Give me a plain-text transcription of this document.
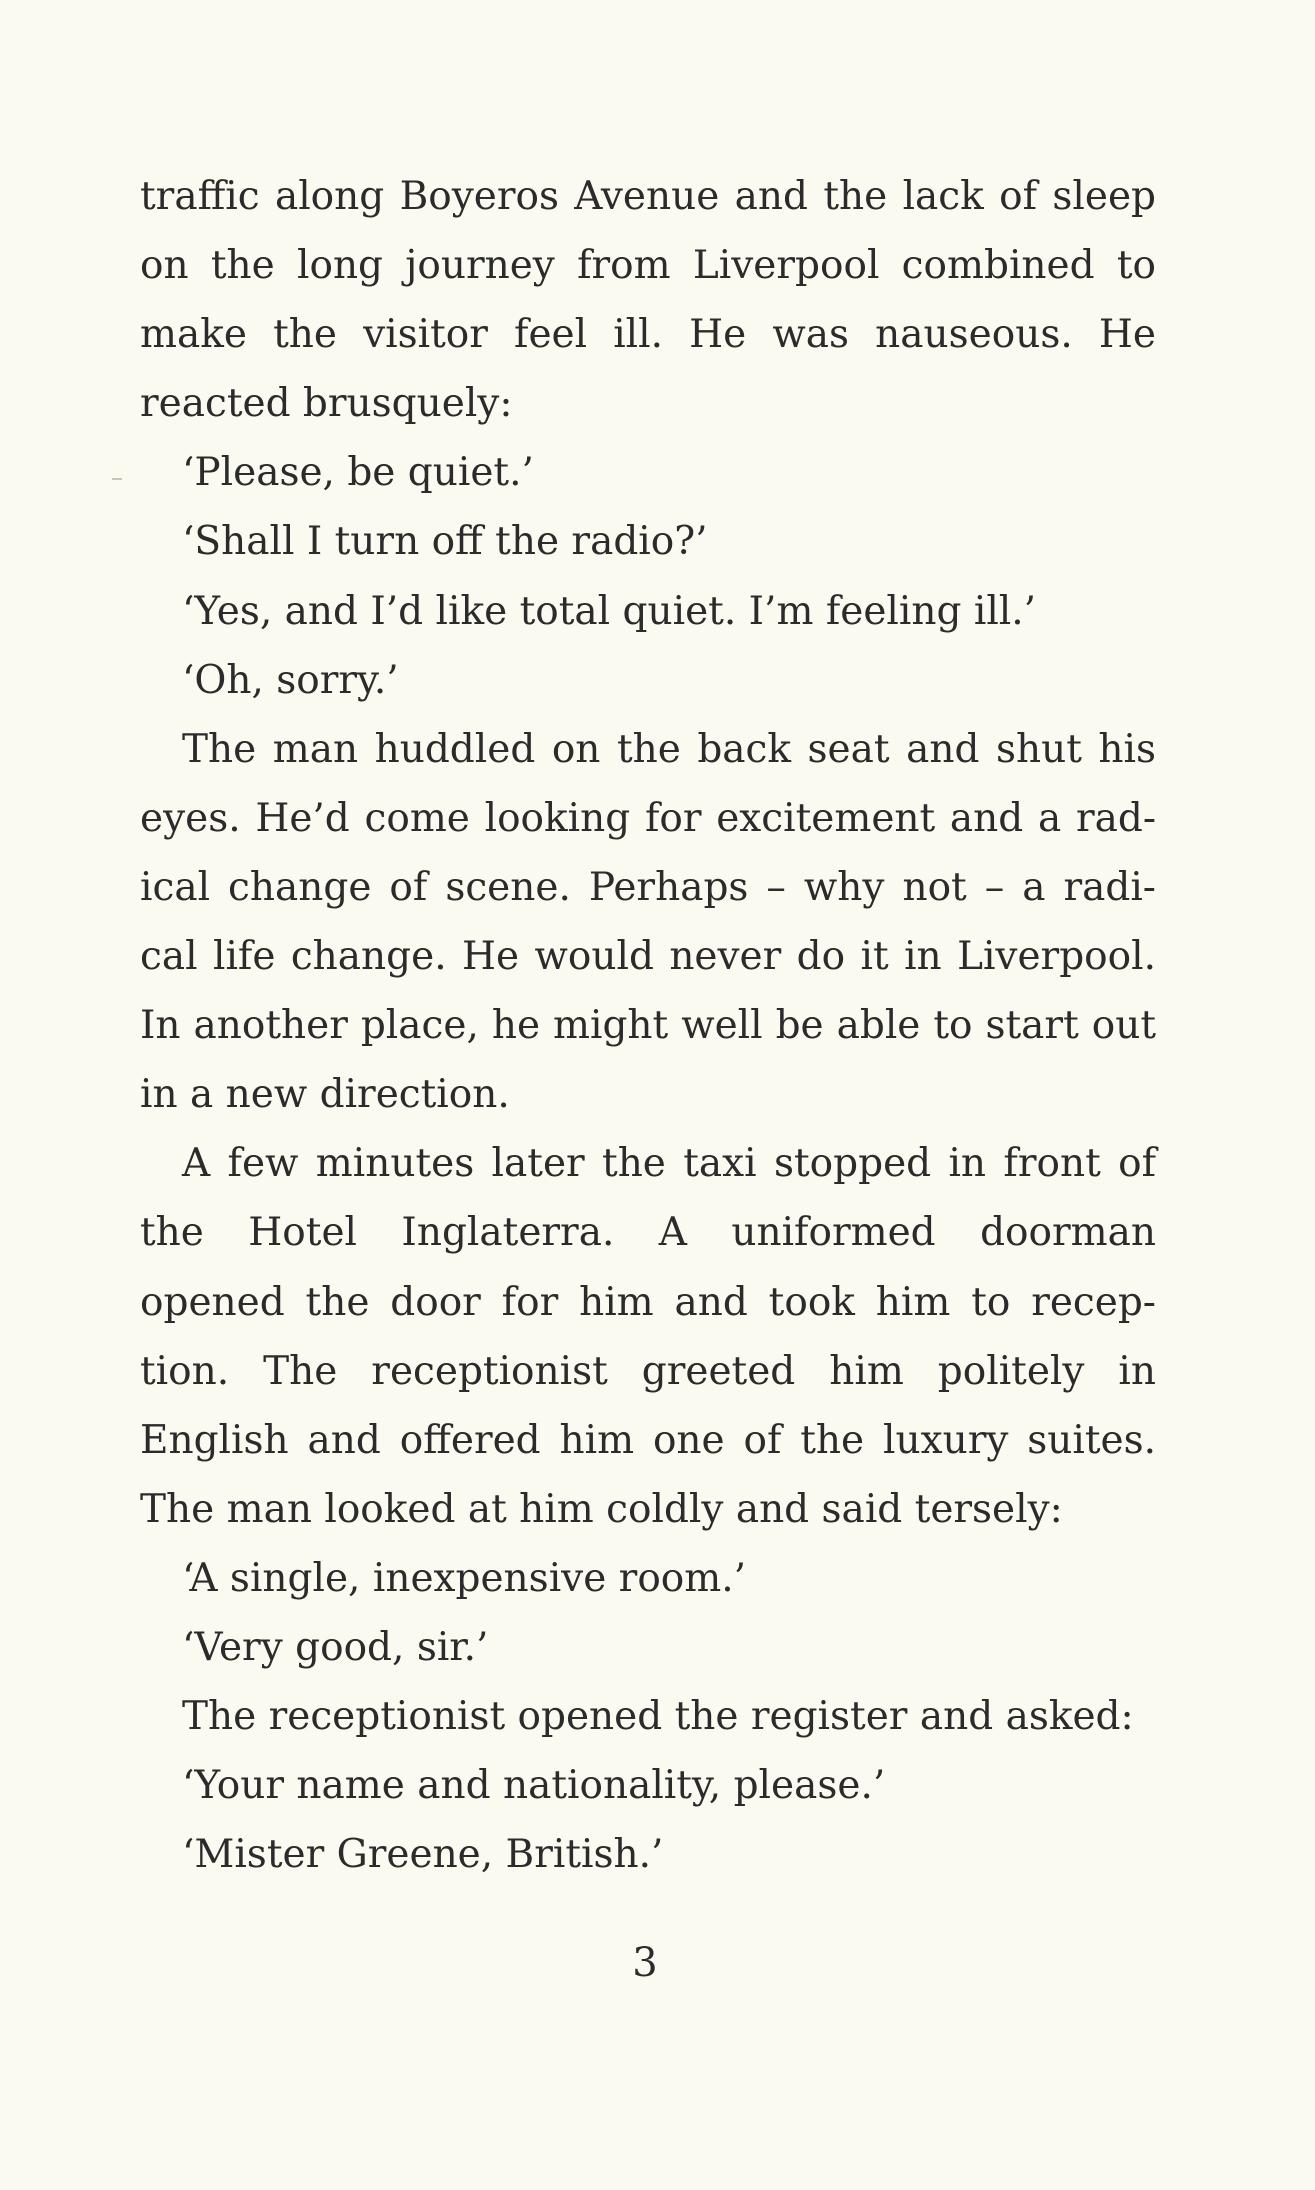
traffic along Boyeros Avenue and the lack of sleep
on the long journey from Liverpool combined to
make the visitor feel ill. He was nauseous. He
reacted brusquely:
‘Please, be quiet.’
‘Shall I turn off the radio?’
‘Yes, and I’d like total quiet. I’m feeling ill.’
‘Oh, sorry.’
The man huddled on the back seat and shut his
eyes. He’d come looking for excitement and a rad-
ical change of scene. Perhaps – why not – a radi-
cal life change. He would never do it in Liverpool.
In another place, he might well be able to start out
in a new direction.
A few minutes later the taxi stopped in front of
the Hotel Inglaterra. A uniformed doorman
opened the door for him and took him to recep-
tion. The receptionist greeted him politely in
English and offered him one of the luxury suites.
The man looked at him coldly and said tersely:
‘A single, inexpensive room.’
‘Very good, sir.’
The receptionist opened the register and asked:
‘Your name and nationality, please.’
‘Mister Greene, British.’
3
